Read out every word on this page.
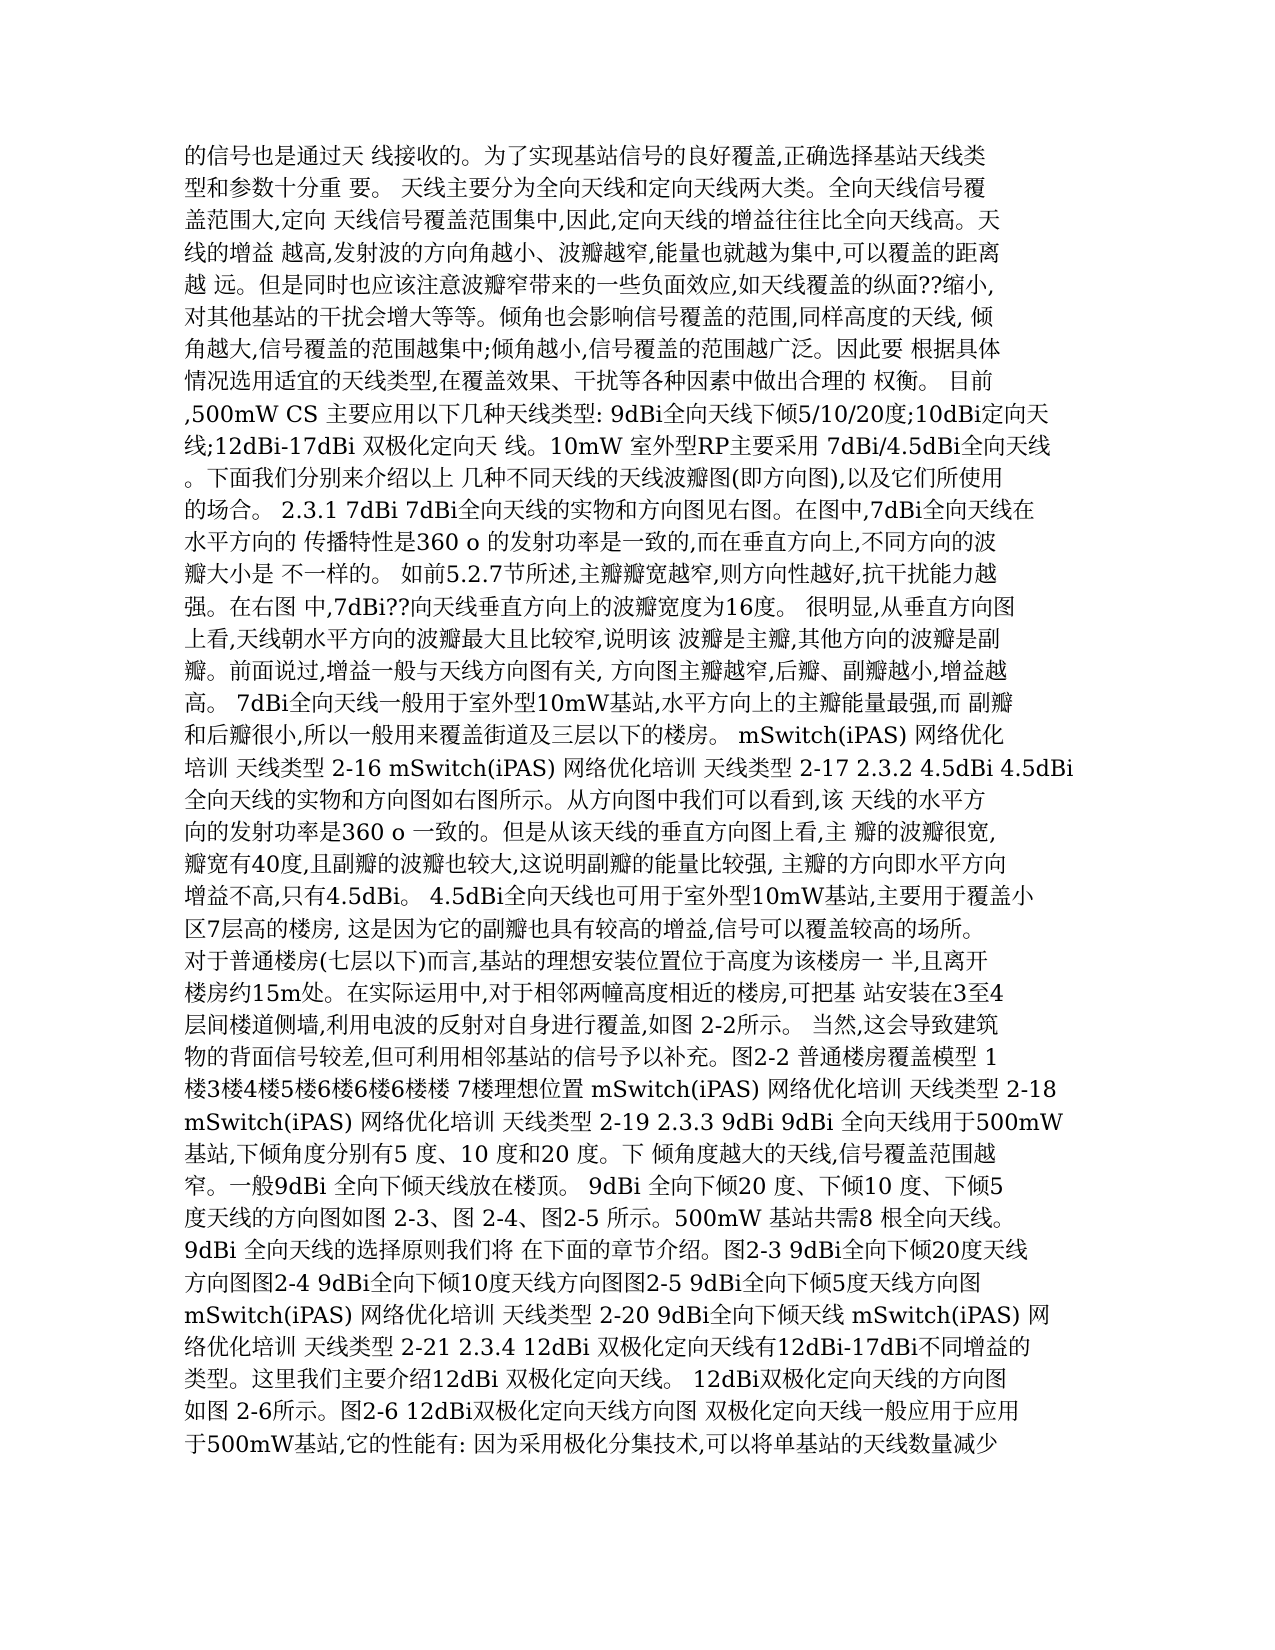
的信号也是通过天 线接收的。为了实现基站信号的良好覆盖,正确选择基站天线类
型和参数十分重 要。 天线主要分为全向天线和定向天线两大类。全向天线信号覆
盖范围大,定向 天线信号覆盖范围集中,因此,定向天线的增益往往比全向天线高。天
线的增益 越高,发射波的方向角越小、波瓣越窄,能量也就越为集中,可以覆盖的距离
越 远。但是同时也应该注意波瓣窄带来的一些负面效应,如天线覆盖的纵面??缩小,
对其他基站的干扰会增大等等。倾角也会影响信号覆盖的范围,同样高度的天线, 倾
角越大,信号覆盖的范围越集中;倾角越小,信号覆盖的范围越广泛。因此要 根据具体
情况选用适宜的天线类型,在覆盖效果、干扰等各种因素中做出合理的 权衡。 目前
,500mW CS 主要应用以下几种天线类型: 9dBi全向天线下倾5/10/20度;10dBi定向天
线;12dBi-17dBi 双极化定向天 线。10mW 室外型RP主要采用 7dBi/4.5dBi全向天线
。下面我们分别来介绍以上 几种不同天线的天线波瓣图(即方向图),以及它们所使用
的场合。 2.3.1 7dBi 7dBi全向天线的实物和方向图见右图。在图中,7dBi全向天线在
水平方向的 传播特性是360 o 的发射功率是一致的,而在垂直方向上,不同方向的波
瓣大小是 不一样的。 如前5.2.7节所述,主瓣瓣宽越窄,则方向性越好,抗干扰能力越
强。在右图 中,7dBi??向天线垂直方向上的波瓣宽度为16度。 很明显,从垂直方向图
上看,天线朝水平方向的波瓣最大且比较窄,说明该 波瓣是主瓣,其他方向的波瓣是副
瓣。前面说过,增益一般与天线方向图有关, 方向图主瓣越窄,后瓣、副瓣越小,增益越
高。 7dBi全向天线一般用于室外型10mW基站,水平方向上的主瓣能量最强,而 副瓣
和后瓣很小,所以一般用来覆盖街道及三层以下的楼房。 mSwitch(iPAS) 网络优化
培训 天线类型 2-16 mSwitch(iPAS) 网络优化培训 天线类型 2-17 2.3.2 4.5dBi 4.5dBi
全向天线的实物和方向图如右图所示。从方向图中我们可以看到,该 天线的水平方
向的发射功率是360 o 一致的。但是从该天线的垂直方向图上看,主 瓣的波瓣很宽,
瓣宽有40度,且副瓣的波瓣也较大,这说明副瓣的能量比较强, 主瓣的方向即水平方向
增益不高,只有4.5dBi。 4.5dBi全向天线也可用于室外型10mW基站,主要用于覆盖小
区7层高的楼房, 这是因为它的副瓣也具有较高的增益,信号可以覆盖较高的场所。
对于普通楼房(七层以下)而言,基站的理想安装位置位于高度为该楼房一 半,且离开
楼房约15m处。在实际运用中,对于相邻两幢高度相近的楼房,可把基 站安装在3至4
层间楼道侧墙,利用电波的反射对自身进行覆盖,如图 2-2所示。 当然,这会导致建筑
物的背面信号较差,但可利用相邻基站的信号予以补充。图2-2 普通楼房覆盖模型 1
楼3楼4楼5楼6楼6楼6楼楼 7楼理想位置 mSwitch(iPAS) 网络优化培训 天线类型 2-18
mSwitch(iPAS) 网络优化培训 天线类型 2-19 2.3.3 9dBi 9dBi 全向天线用于500mW
基站,下倾角度分别有5 度、10 度和20 度。下 倾角度越大的天线,信号覆盖范围越
窄。一般9dBi 全向下倾天线放在楼顶。 9dBi 全向下倾20 度、下倾10 度、下倾5
度天线的方向图如图 2-3、图 2-4、图2-5 所示。500mW 基站共需8 根全向天线。
9dBi 全向天线的选择原则我们将 在下面的章节介绍。图2-3 9dBi全向下倾20度天线
方向图图2-4 9dBi全向下倾10度天线方向图图2-5 9dBi全向下倾5度天线方向图
mSwitch(iPAS) 网络优化培训 天线类型 2-20 9dBi全向下倾天线 mSwitch(iPAS) 网
络优化培训 天线类型 2-21 2.3.4 12dBi 双极化定向天线有12dBi-17dBi不同增益的
类型。这里我们主要介绍12dBi 双极化定向天线。 12dBi双极化定向天线的方向图
如图 2-6所示。图2-6 12dBi双极化定向天线方向图 双极化定向天线一般应用于应用
于500mW基站,它的性能有: 因为采用极化分集技术,可以将单基站的天线数量减少
